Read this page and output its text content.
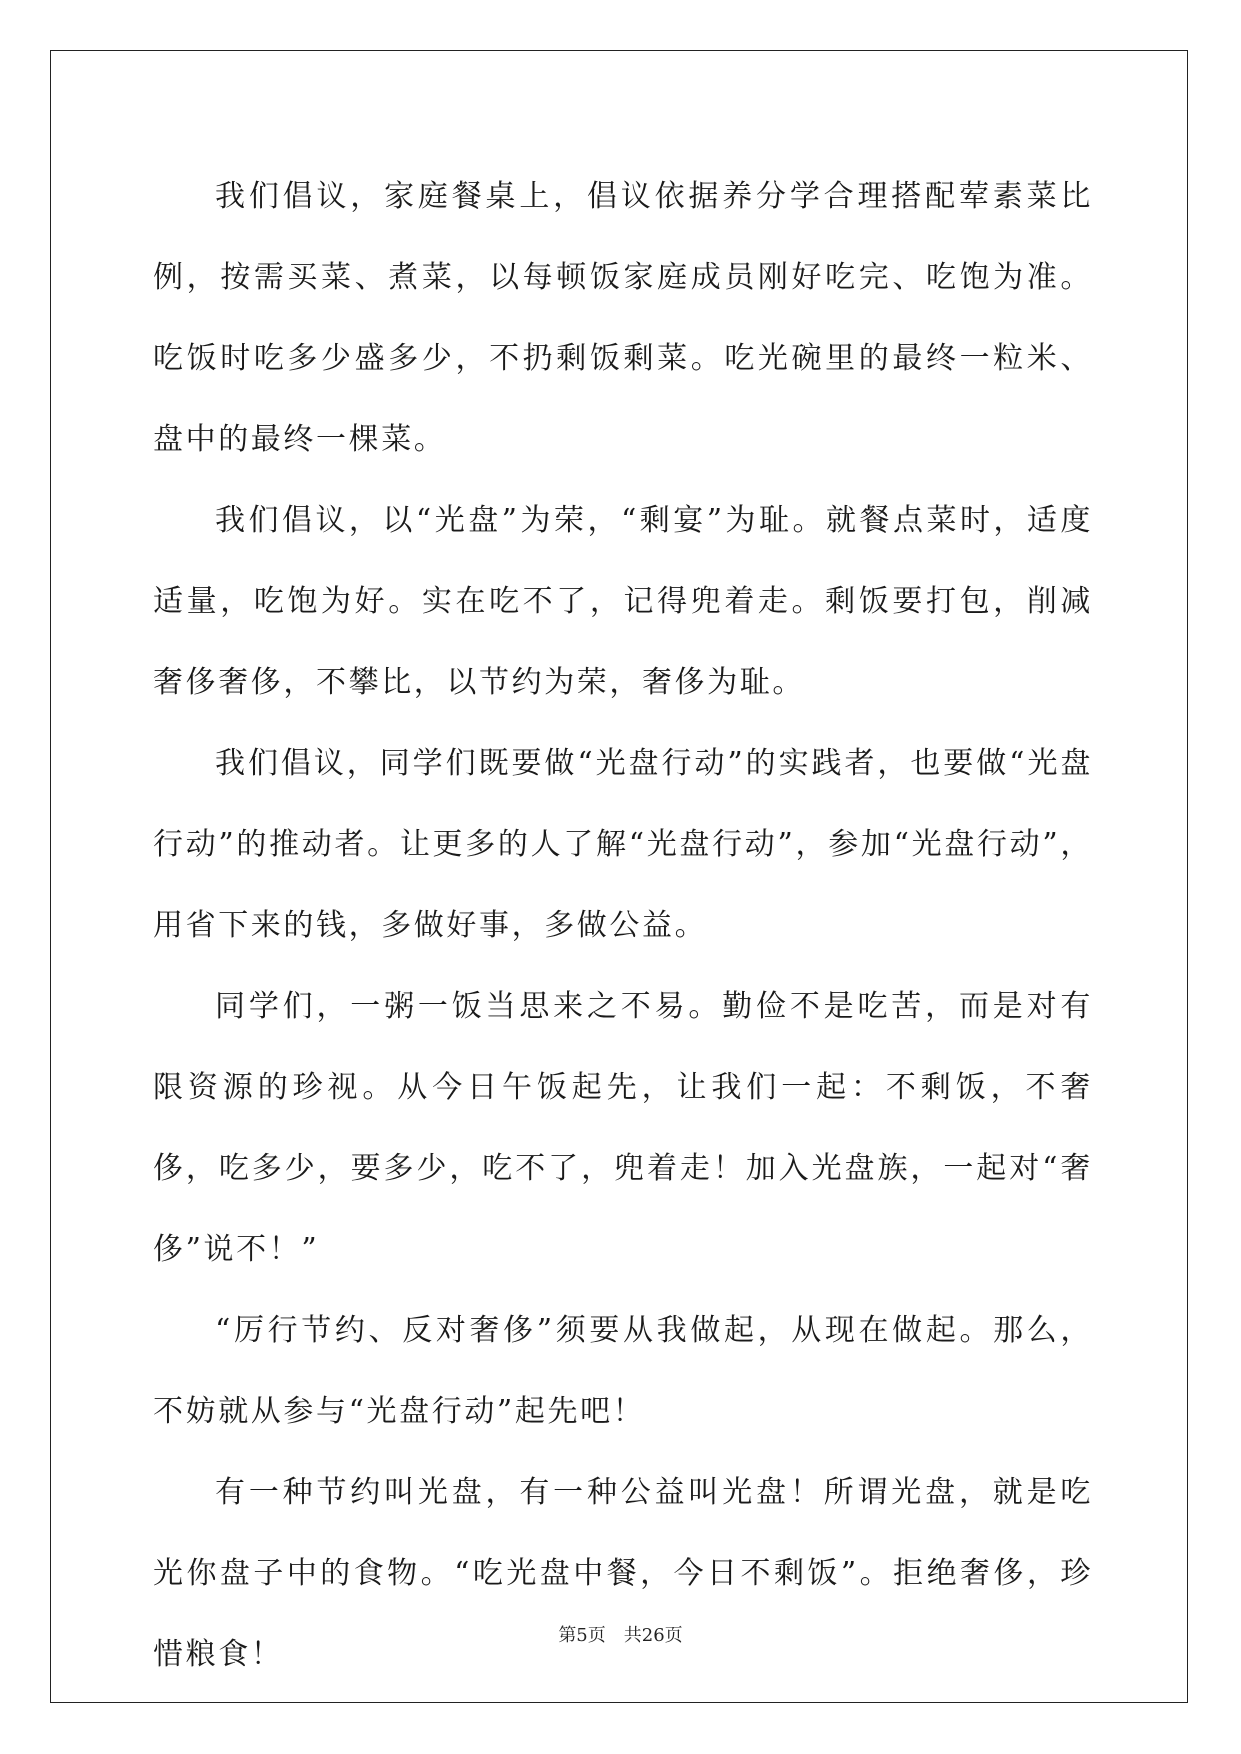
我们倡议，家庭餐桌上，倡议依据养分学合理搭配荤素菜比例，按需买菜、煮菜，以每顿饭家庭成员刚好吃完、吃饱为准。吃饭时吃多少盛多少，不扔剩饭剩菜。吃光碗里的最终一粒米、盘中的最终一棵菜。

我们倡议，以“光盘”为荣，“剩宴”为耻。就餐点菜时，适度适量，吃饱为好。实在吃不了，记得兜着走。剩饭要打包，削减奢侈奢侈，不攀比，以节约为荣，奢侈为耻。

我们倡议，同学们既要做“光盘行动”的实践者，也要做“光盘行动”的推动者。让更多的人了解“光盘行动”，参加“光盘行动”，用省下来的钱，多做好事，多做公益。

同学们，一粥一饭当思来之不易。勤俭不是吃苦，而是对有限资源的珍视。从今日午饭起先，让我们一起：不剩饭，不奢侈，吃多少，要多少，吃不了，兜着走！加入光盘族，一起对“奢侈”说不！”

“厉行节约、反对奢侈”须要从我做起，从现在做起。那么，不妨就从参与“光盘行动”起先吧！

有一种节约叫光盘，有一种公益叫光盘！所谓光盘，就是吃光你盘子中的食物。“吃光盘中餐，今日不剩饭”。拒绝奢侈，珍惜粮食！

第5页 共26页
